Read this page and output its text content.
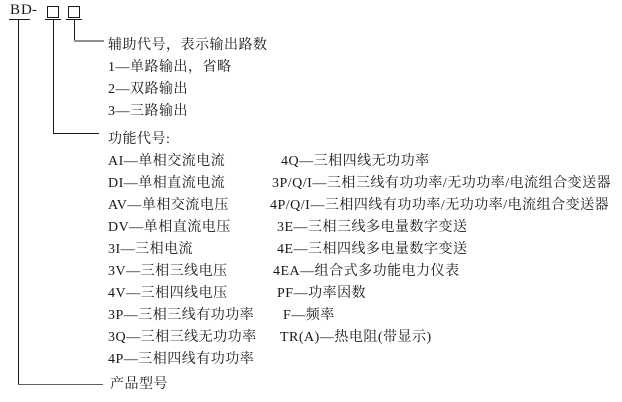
BD -
辅助代号，表示输出路数
1—单路输出，省略
2—双路输出
3—三路输出
功能代号:
AI—单相交流电流
DI—单相直流电流
AV—单相交流电压
DV—单相直流电压
3I—三相电流
3V—三相三线电压
4V—三相四线电压
3P—三相三线有功功率
3Q—三相三线无功功率
4P—三相四线有功功率
4Q—三相四线无功功率
3P/Q/I—三相三线有功功率/无功功率/电流组合变送器
4P/Q/I—三相四线有功功率/无功功率/电流组合变送器
3E—三相三线多电量数字变送
4E—三相四线多电量数字变送
4EA—组合式多功能电力仪表
PF—功率因数
F—频率
TR(A)—热电阻(带显示)
产品型号
